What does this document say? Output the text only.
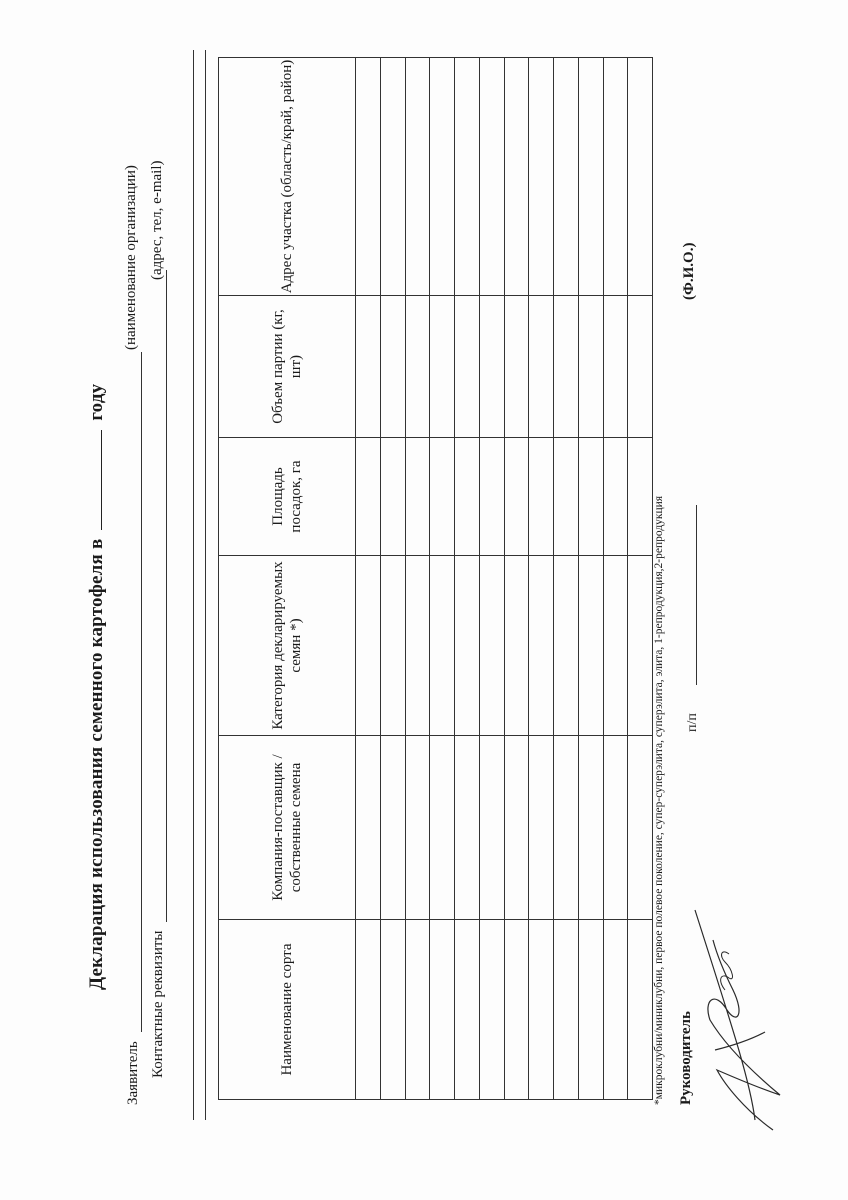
Декларация использования семенного картофеля в  году
Заявитель
(наименование организации)
Контактные реквизиты
(адрес, тел, e-mail)
Наименование сорта	Компания-поставщик / собственные семена	Категория декларируемых семян *)	Площадь посадок, га	Объем партии (кг, шт)	Адрес участка (область/край, район)

*микроклубни/миниклубни, первое полевое поколение, супер-суперэлита, суперэлита, элита, 1-репродукция,2-репродукция Руководитель
п/п
(Ф.И.О.)
